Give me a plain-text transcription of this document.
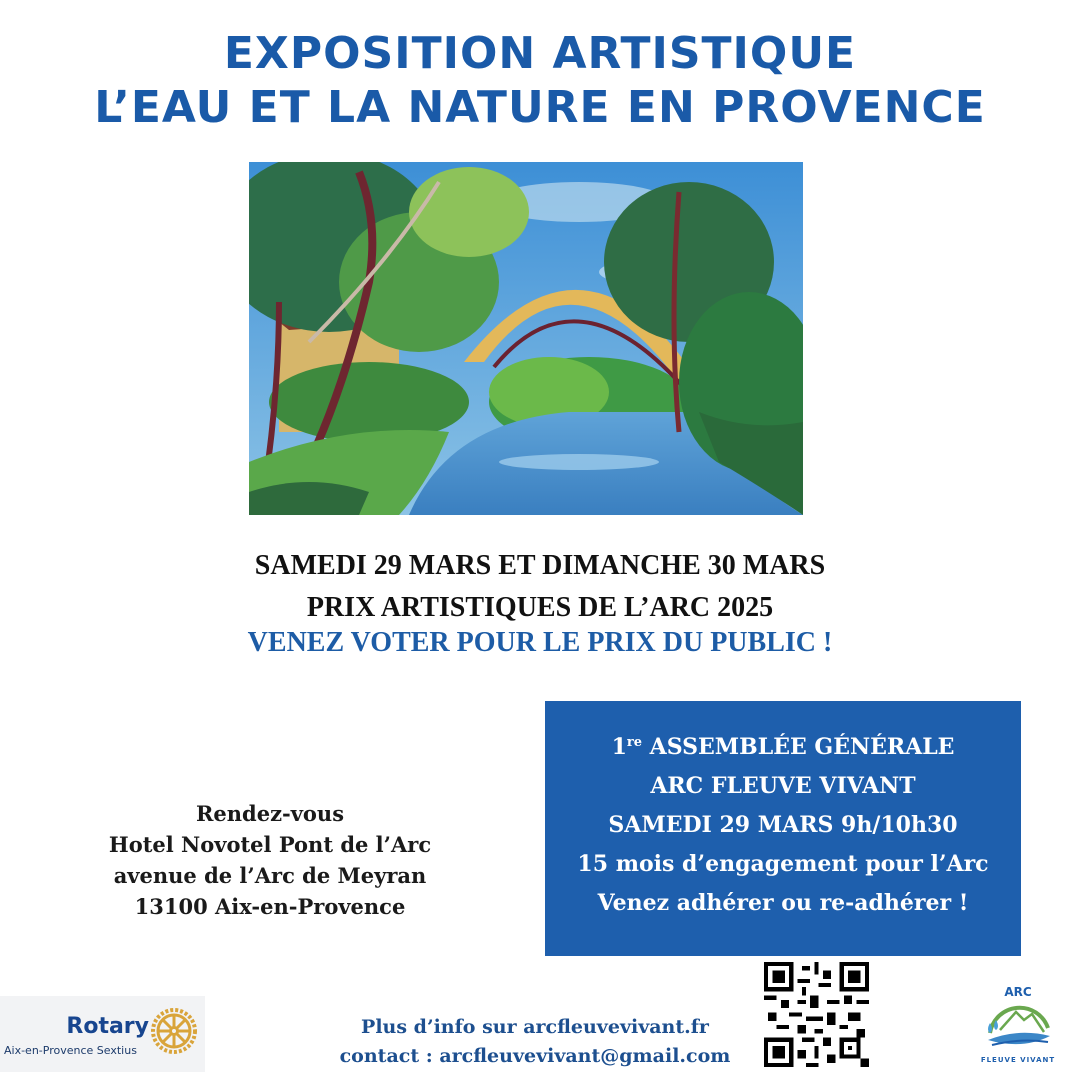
EXPOSITION ARTISTIQUE
L’EAU ET LA NATURE EN PROVENCE
SAMEDI 29 MARS ET DIMANCHE 30 MARS
PRIX ARTISTIQUES DE L’ARC 2025
VENEZ VOTER POUR LE PRIX DU PUBLIC !
Rendez-vous
Hotel Novotel Pont de l’Arc
avenue de l’Arc de Meyran
13100 Aix-en-Provence
1re ASSEMBLÉE GÉNÉRALE
ARC FLEUVE VIVANT
SAMEDI 29 MARS 9h/10h30
15 mois d’engagement pour l’Arc
Venez adhérer ou re-adhérer !
Rotary
Aix-en-Provence Sextius
Plus d’info sur arcfleuvevivant.fr
contact : arcfleuvevivant@gmail.com
ARC
FLEUVE VIVANT
